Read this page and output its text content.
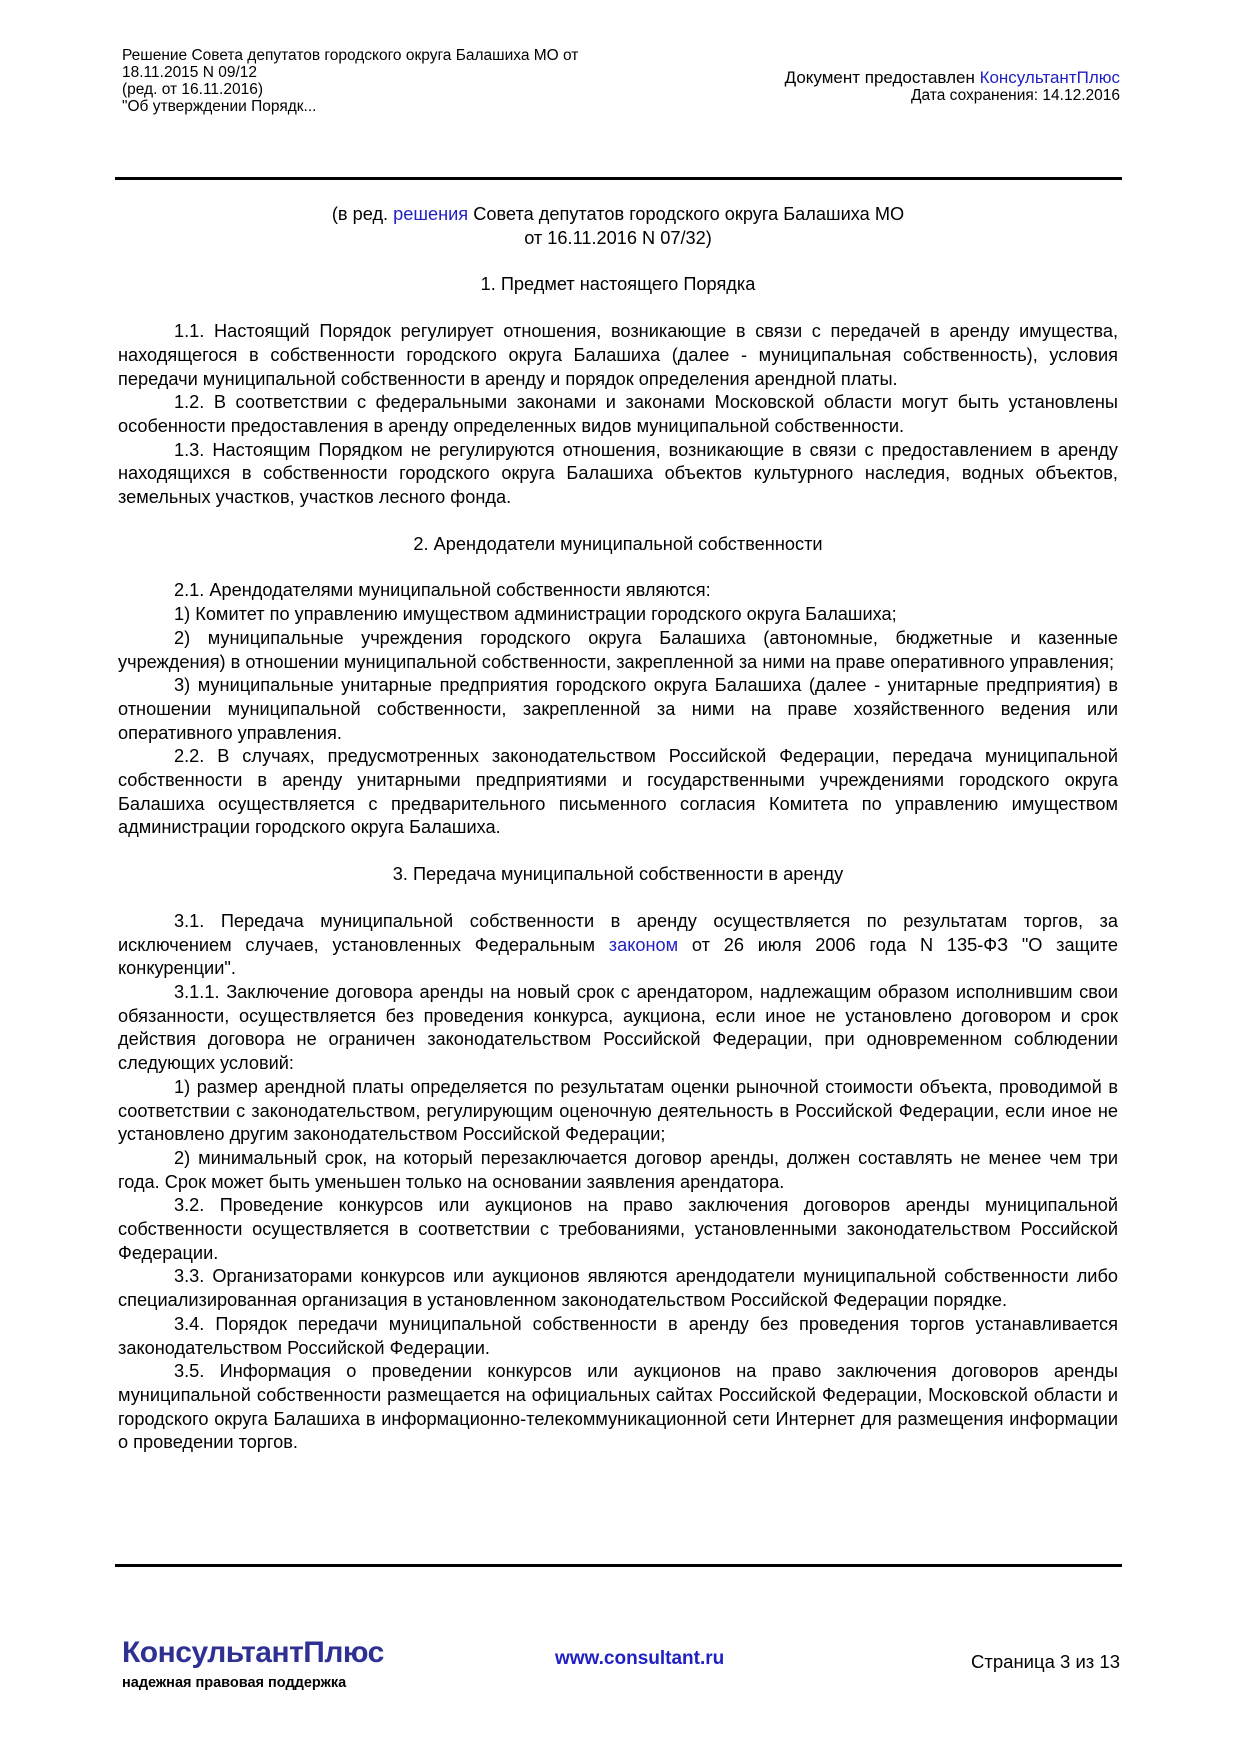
Решение Совета депутатов городского округа Балашиха МО от
18.11.2015 N 09/12
(ред. от 16.11.2016)
"Об утверждении Порядк...
Документ предоставлен КонсультантПлюс
Дата сохранения: 14.12.2016

(в ред. решения Совета депутатов городского округа Балашиха МО

от 16.11.2016 N 07/32)

1. Предмет настоящего Порядка

1.1. Настоящий Порядок регулирует отношения, возникающие в связи с передачей в аренду имущества, находящегося в собственности городского округа Балашиха (далее - муниципальная собственность), условия передачи муниципальной собственности в аренду и порядок определения арендной платы.

1.2. В соответствии с федеральными законами и законами Московской области могут быть установлены особенности предоставления в аренду определенных видов муниципальной собственности.

1.3. Настоящим Порядком не регулируются отношения, возникающие в связи с предоставлением в аренду находящихся в собственности городского округа Балашиха объектов культурного наследия, водных объектов, земельных участков, участков лесного фонда.

2. Арендодатели муниципальной собственности

2.1. Арендодателями муниципальной собственности являются:

1) Комитет по управлению имуществом администрации городского округа Балашиха;

2) муниципальные учреждения городского округа Балашиха (автономные, бюджетные и казенные учреждения) в отношении муниципальной собственности, закрепленной за ними на праве оперативного управления;

3) муниципальные унитарные предприятия городского округа Балашиха (далее - унитарные предприятия) в отношении муниципальной собственности, закрепленной за ними на праве хозяйственного ведения или оперативного управления.

2.2. В случаях, предусмотренных законодательством Российской Федерации, передача муниципальной собственности в аренду унитарными предприятиями и государственными учреждениями городского округа Балашиха осуществляется с предварительного письменного согласия Комитета по управлению имуществом администрации городского округа Балашиха.

3. Передача муниципальной собственности в аренду

3.1. Передача муниципальной собственности в аренду осуществляется по результатам торгов, за исключением случаев, установленных Федеральным законом от 26 июля 2006 года N 135-ФЗ "О защите конкуренции".

3.1.1. Заключение договора аренды на новый срок с арендатором, надлежащим образом исполнившим свои обязанности, осуществляется без проведения конкурса, аукциона, если иное не установлено договором и срок действия договора не ограничен законодательством Российской Федерации, при одновременном соблюдении следующих условий:

1) размер арендной платы определяется по результатам оценки рыночной стоимости объекта, проводимой в соответствии с законодательством, регулирующим оценочную деятельность в Российской Федерации, если иное не установлено другим законодательством Российской Федерации;

2) минимальный срок, на который перезаключается договор аренды, должен составлять не менее чем три года. Срок может быть уменьшен только на основании заявления арендатора.

3.2. Проведение конкурсов или аукционов на право заключения договоров аренды муниципальной собственности осуществляется в соответствии с требованиями, установленными законодательством Российской Федерации.

3.3. Организаторами конкурсов или аукционов являются арендодатели муниципальной собственности либо специализированная организация в установленном законодательством Российской Федерации порядке.

3.4. Порядок передачи муниципальной собственности в аренду без проведения торгов устанавливается законодательством Российской Федерации.

3.5. Информация о проведении конкурсов или аукционов на право заключения договоров аренды муниципальной собственности размещается на официальных сайтах Российской Федерации, Московской области и городского округа Балашиха в информационно-телекоммуникационной сети Интернет для размещения информации о проведении торгов.

КонсультантПлюс
надежная правовая поддержка
www.consultant.ru	Страница 3 из 13
